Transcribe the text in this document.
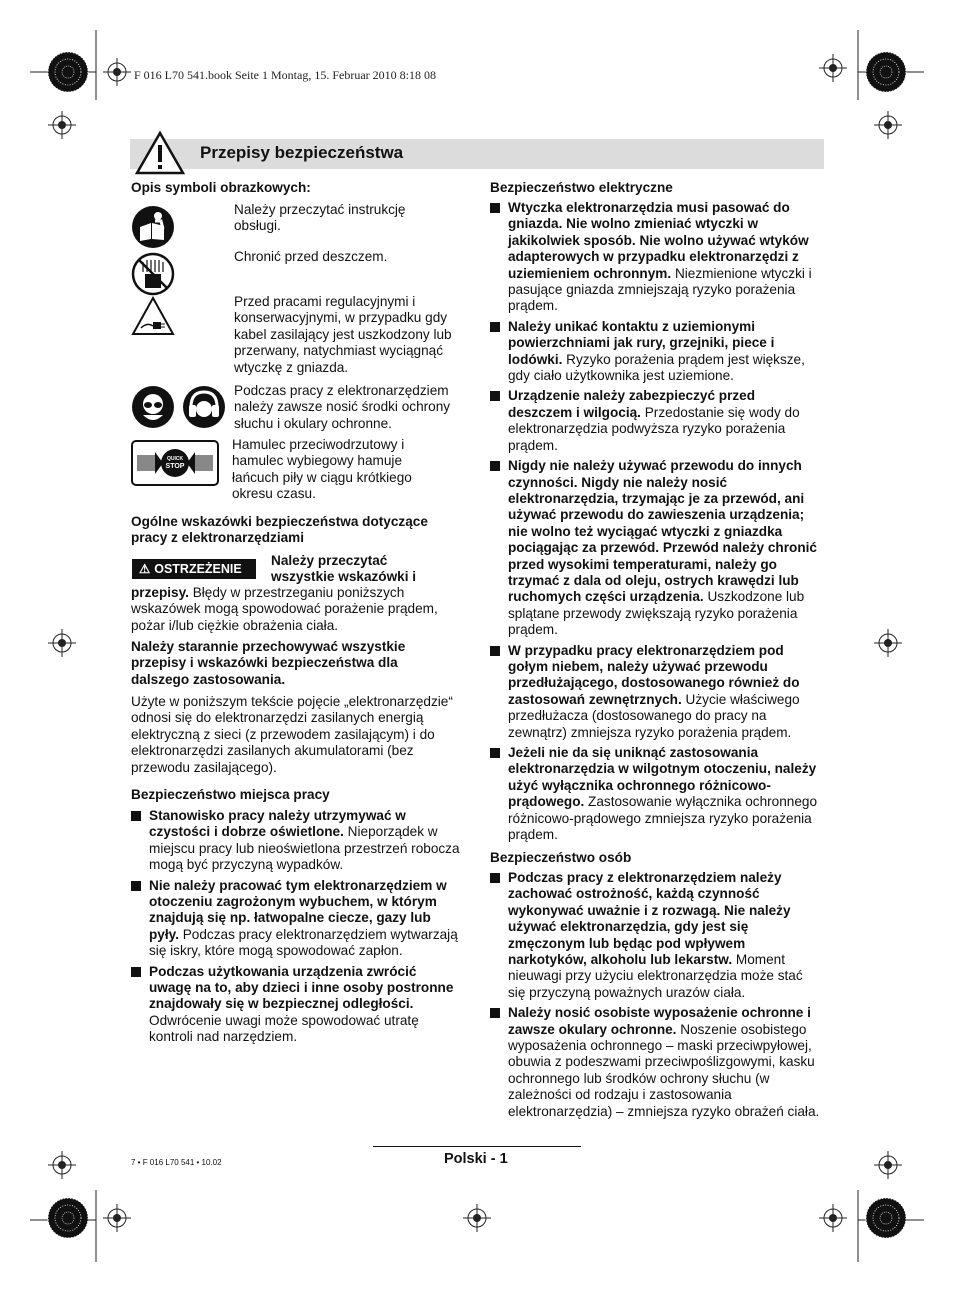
F 016 L70 541.book Seite 1 Montag, 15. Februar 2010 8:18 08
Przepisy bezpieczeństwa
Opis symboli obrazkowych:
Należy przeczytać instrukcję obsługi.
Chronić przed deszczem.
Przed pracami regulacyjnymi i konserwacyjnymi, w przypadku gdy kabel zasilający jest uszkodzony lub przerwany, natychmiast wyciągnąć wtyczkę z gniazda.
Podczas pracy z elektronarzędziem należy zawsze nosić środki ochrony słuchu i okulary ochronne.
QUICK
STOP
Hamulec przeciwodrzutowy i hamulec wybiegowy hamuje łańcuch piły w ciągu krótkiego okresu czasu.
Ogólne wskazówki bezpieczeństwa dotyczące pracy z elektronarzędziami
⚠ OSTRZEŻENIE
Należy przeczytać wszystkie wskazówki i
przepisy. Błędy w przestrzeganiu poniższych wskazówek mogą spowodować porażenie prądem, pożar i/lub ciężkie obrażenia ciała.
Należy starannie przechowywać wszystkie przepisy i wskazówki bezpieczeństwa dla dalszego zastosowania.
Użyte w poniższym tekście pojęcie „elektronarzędzie“ odnosi się do elektronarzędzi zasilanych energią elektryczną z sieci (z przewodem zasilającym) i do elektronarzędzi zasilanych akumulatorami (bez przewodu zasilającego).
Bezpieczeństwo miejsca pracy
Stanowisko pracy należy utrzymywać w czystości i dobrze oświetlone. Nieporządek w miejscu pracy lub nieoświetlona przestrzeń robocza mogą być przyczyną wypadków.
Nie należy pracować tym elektronarzędziem w otoczeniu zagrożonym wybuchem, w którym znajdują się np. łatwopalne ciecze, gazy lub pyły. Podczas pracy elektronarzędziem wytwarzają się iskry, które mogą spowodować zapłon.
Podczas użytkowania urządzenia zwrócić uwagę na to, aby dzieci i inne osoby postronne znajdowały się w bezpiecznej odległości. Odwrócenie uwagi może spowodować utratę kontroli nad narzędziem.
Bezpieczeństwo elektryczne
Wtyczka elektronarzędzia musi pasować do gniazda. Nie wolno zmieniać wtyczki w jakikolwiek sposób. Nie wolno używać wtyków adapterowych w przypadku elektronarzędzi z uziemieniem ochronnym. Niezmienione wtyczki i pasujące gniazda zmniejszają ryzyko porażenia prądem.
Należy unikać kontaktu z uziemionymi powierzchniami jak rury, grzejniki, piece i lodówki. Ryzyko porażenia prądem jest większe, gdy ciało użytkownika jest uziemione.
Urządzenie należy zabezpieczyć przed deszczem i wilgocią. Przedostanie się wody do elektronarzędzia podwyższa ryzyko porażenia prądem.
Nigdy nie należy używać przewodu do innych czynności. Nigdy nie należy nosić elektronarzędzia, trzymając je za przewód, ani używać przewodu do zawieszenia urządzenia; nie wolno też wyciągać wtyczki z gniazdka pociągając za przewód. Przewód należy chronić przed wysokimi temperaturami, należy go trzymać z dala od oleju, ostrych krawędzi lub ruchomych części urządzenia. Uszkodzone lub splątane przewody zwiększają ryzyko porażenia prądem.
W przypadku pracy elektronarzędziem pod gołym niebem, należy używać przewodu przedłużającego, dostosowanego również do zastosowań zewnętrznych. Użycie właściwego przedłużacza (dostosowanego do pracy na zewnątrz) zmniejsza ryzyko porażenia prądem.
Jeżeli nie da się uniknąć zastosowania elektronarzędzia w wilgotnym otoczeniu, należy użyć wyłącznika ochronnego różnicowo-prądowego. Zastosowanie wyłącznika ochronnego różnicowo-prądowego zmniejsza ryzyko porażenia prądem.
Bezpieczeństwo osób
Podczas pracy z elektronarzędziem należy zachować ostrożność, każdą czynność wykonywać uważnie i z rozwagą. Nie należy używać elektronarzędzia, gdy jest się zmęczonym lub będąc pod wpływem narkotyków, alkoholu lub lekarstw. Moment nieuwagi przy użyciu elektronarzędzia może stać się przyczyną poważnych urazów ciała.
Należy nosić osobiste wyposażenie ochronne i zawsze okulary ochronne. Noszenie osobistego wyposażenia ochronnego – maski przeciwpyłowej, obuwia z podeszwami przeciwpoślizgowymi, kasku ochronnego lub środków ochrony słuchu (w zależności od rodzaju i zastosowania elektronarzędzia) – zmniejsza ryzyko obrażeń ciała.
7 • F 016 L70 541 • 10.02	Polski - 1
